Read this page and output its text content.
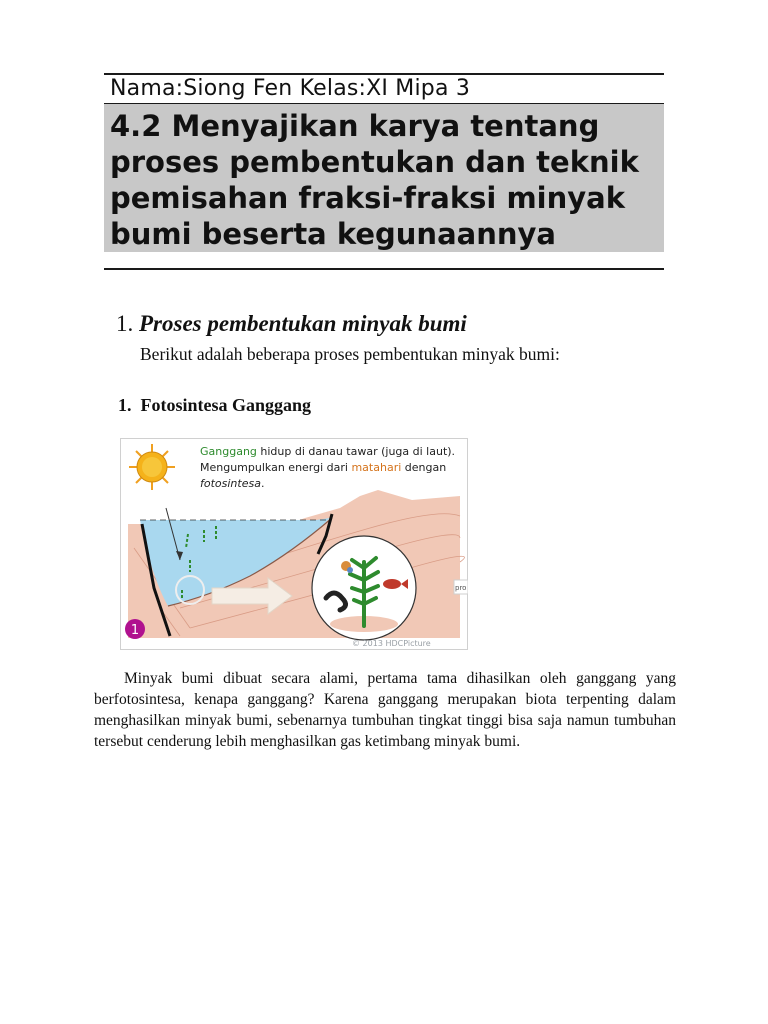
Nama:Siong Fen Kelas:XI Mipa 3
4.2 Menyajikan karya tentang proses pembentukan dan teknik pemisahan fraksi-fraksi minyak bumi beserta kegunaannya
1. Proses pembentukan minyak bumi
Berikut adalah beberapa proses pembentukan minyak bumi:
1. Fotosintesa Ganggang
Ganggang hidup di danau tawar (juga di laut).
Mengumpulkan energi dari matahari dengan
fotosintesa.
pro
1
© 2013 HDCPicture
Minyak bumi dibuat secara alami, pertama tama dihasilkan oleh ganggang yang berfotosintesa, kenapa ganggang? Karena ganggang merupakan biota terpenting dalam menghasilkan minyak bumi, sebenarnya tumbuhan tingkat tinggi bisa saja namun tumbuhan tersebut cenderung lebih menghasilkan gas ketimbang minyak bumi.
